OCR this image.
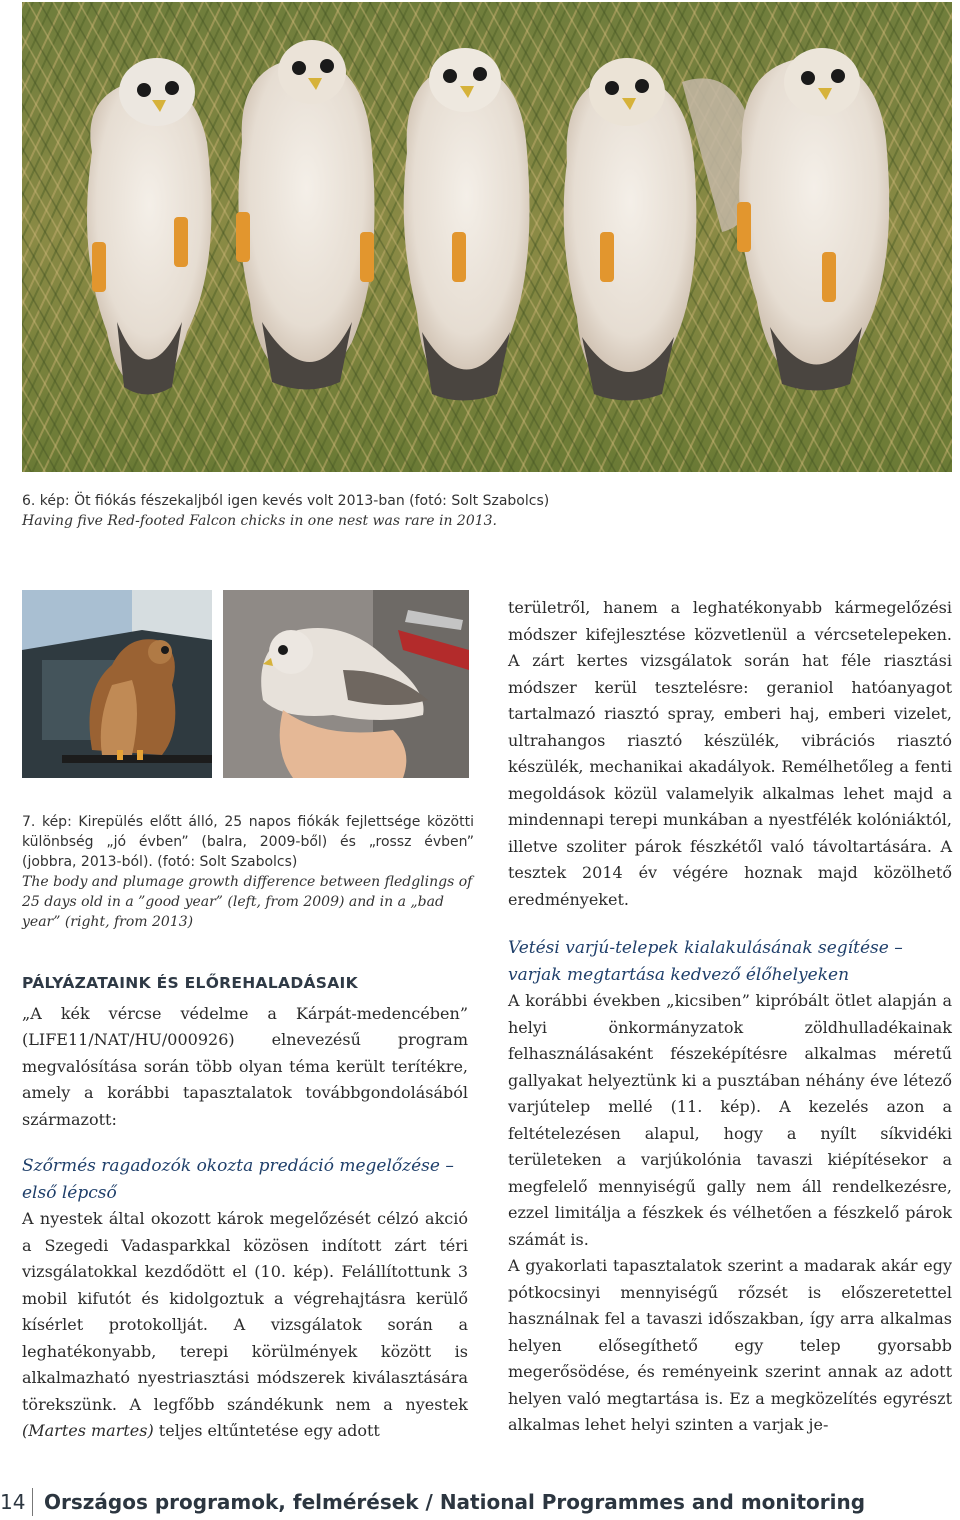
6. kép: Öt fiókás fészekaljból igen kevés volt 2013-ban (fotó: Solt Szabolcs)
Having five Red-footed Falcon chicks in one nest was rare in 2013.
7. kép: Kirepülés előtt álló, 25 napos fiókák fejlettsége közötti különbség „jó évben” (balra, 2009-ből) és „rossz évben” (jobbra, 2013-ból). (fotó: Solt Szabolcs)
The body and plumage growth difference between fledglings of 25 days old in a ”good year” (left, from 2009) and in a „bad year” (right, from 2013)
PÁLYÁZATAINK ÉS ELŐREHALADÁSAIK

„A kék vércse védelme a Kárpát-medencében” (LIFE11/NAT/HU/000926) elnevezésű program megvalósítása során több olyan téma került terítékre, amely a korábbi tapasztalatok továbbgondolásából származott:

Szőrmés ragadozók okozta predáció megelőzése – első lépcső

A nyestek által okozott károk megelőzését célzó akció a Szegedi Vadasparkkal közösen indított zárt téri vizsgálatokkal kezdődött el (10. kép). Felállítottunk 3 mobil kifutót és kidolgoztuk a végrehajtásra kerülő kísérlet protokollját. A vizsgálatok során a leghatékonyabb, terepi körülmények között is alkalmazható nyestriasztási módszerek kiválasztására törekszünk. A legfőbb szándékunk nem a nyestek (Martes martes) teljes eltűntetése egy adott

területről, hanem a leghatékonyabb kármegelőzési módszer kifejlesztése közvetlenül a vércsetelepeken. A zárt kertes vizsgálatok során hat féle riasztási módszer kerül tesztelésre: geraniol hatóanyagot tartalmazó riasztó spray, emberi haj, emberi vizelet, ultrahangos riasztó készülék, vibrációs riasztó készülék, mechanikai akadályok. Remélhetőleg a fenti megoldások közül valamelyik alkalmas lehet majd a mindennapi terepi munkában a nyestfélék kolóniáktól, illetve szoliter párok fészkétől való távoltartására. A tesztek 2014 év végére hoznak majd közölhető eredményeket.

Vetési varjú-telepek kialakulásának segítése – varjak megtartása kedvező élőhelyeken

A korábbi években „kicsiben” kipróbált ötlet alapján a helyi önkormányzatok zöldhulladékainak felhasználásaként fészeképítésre alkalmas méretű gallyakat helyeztünk ki a pusztában néhány éve létező varjútelep mellé (11. kép). A kezelés azon a feltételezésen alapul, hogy a nyílt síkvidéki területeken a varjúkolónia tavaszi kiépítésekor a megfelelő mennyiségű gally nem áll rendelkezésre, ezzel limitálja a fészkek és vélhetően a fészkelő párok számát is.

A gyakorlati tapasztalatok szerint a madarak akár egy pótkocsinyi mennyiségű rőzsét is előszeretettel használnak fel a tavaszi időszakban, így arra alkalmas helyen elősegíthető egy telep gyorsabb megerősödése, és reményeink szerint annak az adott helyen való megtartása is. Ez a megközelítés egyrészt alkalmas lehet helyi szinten a varjak je-

14 Országos programok, felmérések / National Programmes and monitoring
